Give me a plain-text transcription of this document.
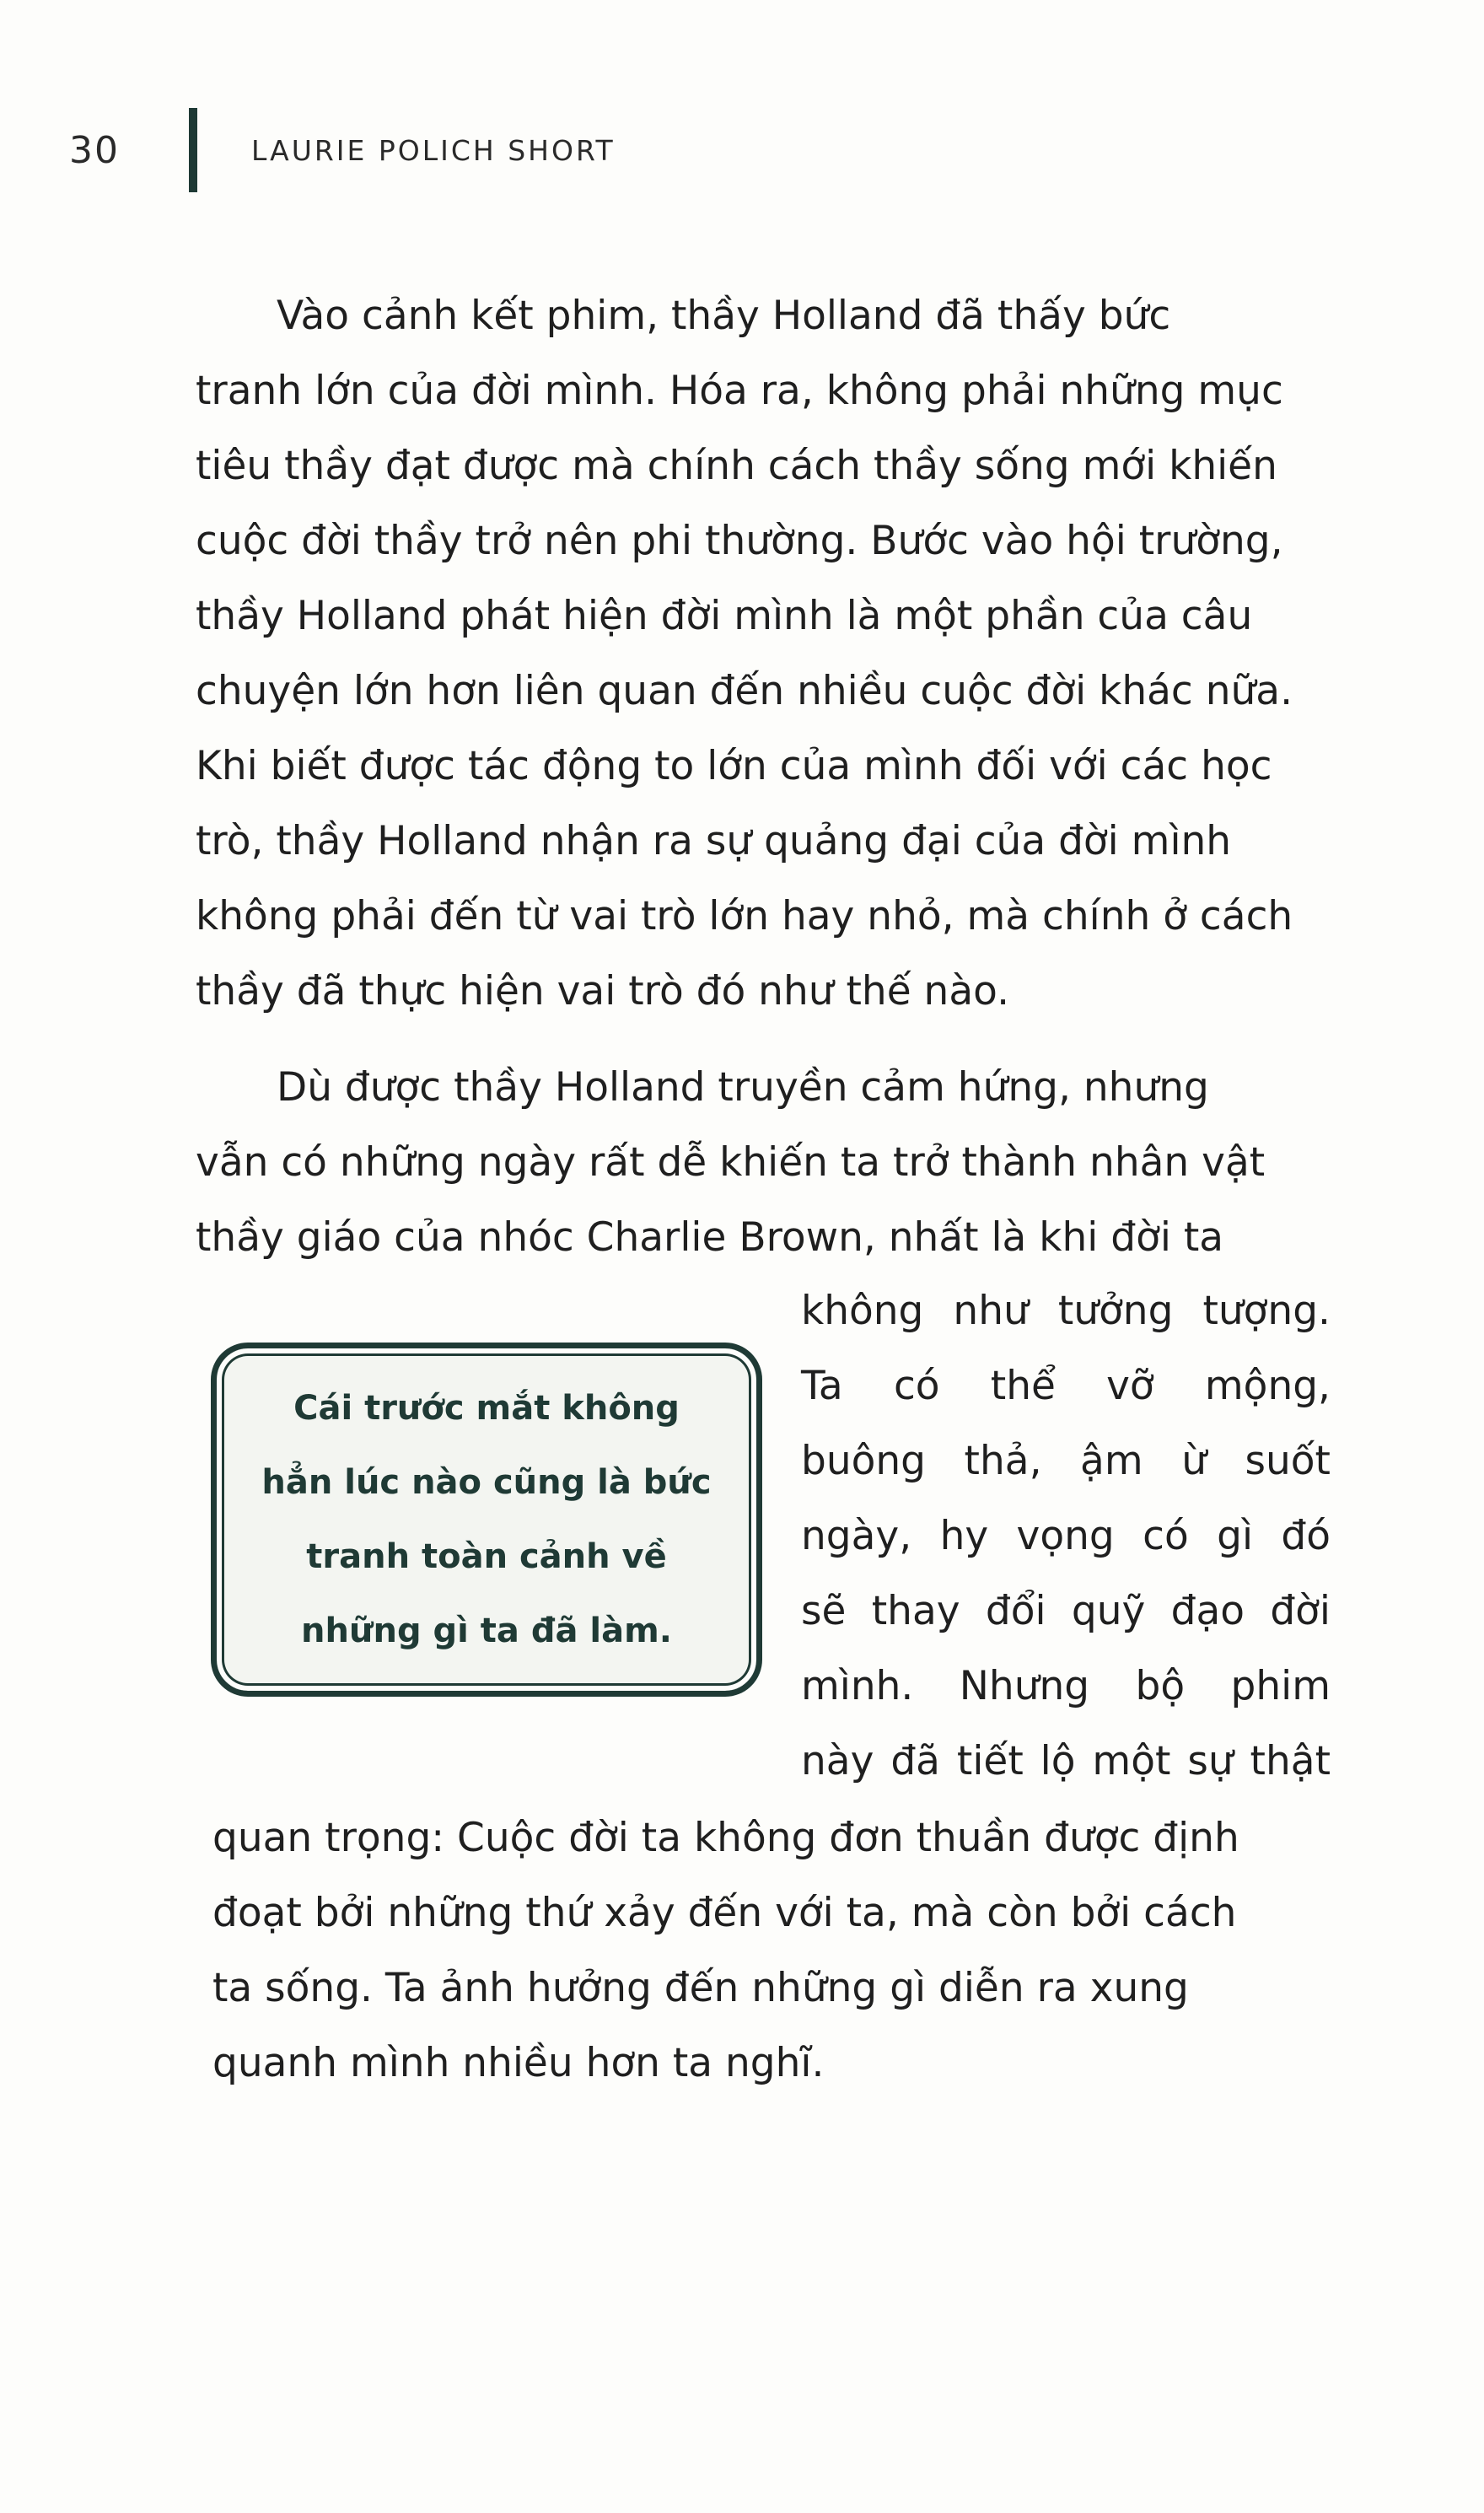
30	LAURIE POLICH SHORT
Vào cảnh kết phim, thầy Holland đã thấy bức
tranh lớn của đời mình. Hóa ra, không phải những mục
tiêu thầy đạt được mà chính cách thầy sống mới khiến
cuộc đời thầy trở nên phi thường. Bước vào hội trường,
thầy Holland phát hiện đời mình là một phần của câu
chuyện lớn hơn liên quan đến nhiều cuộc đời khác nữa.
Khi biết được tác động to lớn của mình đối với các học
trò, thầy Holland nhận ra sự quảng đại của đời mình
không phải đến từ vai trò lớn hay nhỏ, mà chính ở cách
thầy đã thực hiện vai trò đó như thế nào.
Dù được thầy Holland truyền cảm hứng, nhưng
vẫn có những ngày rất dễ khiến ta trở thành nhân vật
thầy giáo của nhóc Charlie Brown, nhất là khi đời ta
không như tưởng tượng.
Ta có thể vỡ mộng,
buông thả, ậm ừ suốt
ngày, hy vọng có gì đó
sẽ thay đổi quỹ đạo đời
mình. Nhưng bộ phim
này đã tiết lộ một sự thật
Cái trước mắt không
hẳn lúc nào cũng là bức
tranh toàn cảnh về
những gì ta đã làm.
quan trọng: Cuộc đời ta không đơn thuần được định
đoạt bởi những thứ xảy đến với ta, mà còn bởi cách
ta sống. Ta ảnh hưởng đến những gì diễn ra xung
quanh mình nhiều hơn ta nghĩ.
